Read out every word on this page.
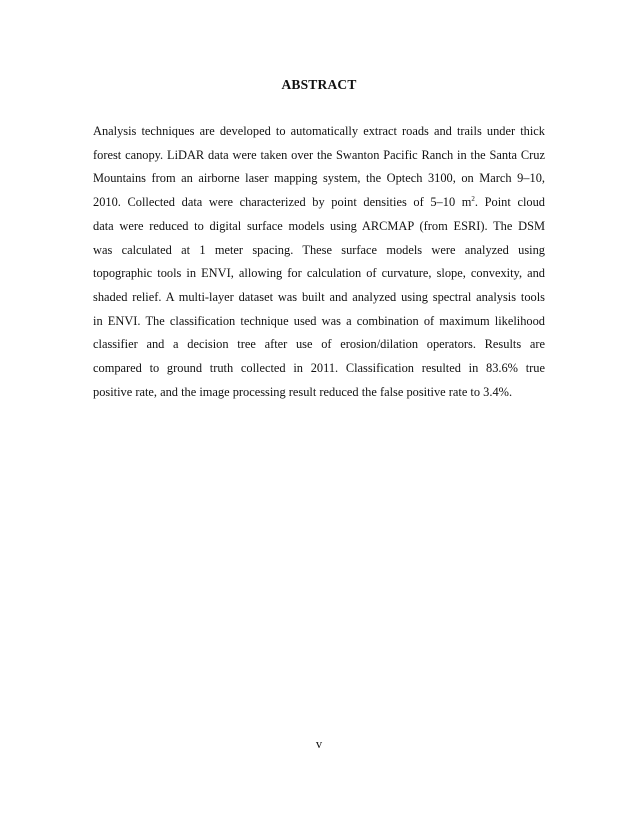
ABSTRACT
Analysis techniques are developed to automatically extract roads and trails under thick
forest canopy. LiDAR data were taken over the Swanton Pacific Ranch in the Santa Cruz
Mountains from an airborne laser mapping system, the Optech 3100, on March 9–10,
2010. Collected data were characterized by point densities of 5–10 $m^2$. Point cloud
data were reduced to digital surface models using ARCMAP (from ESRI). The DSM
was calculated at 1 meter spacing. These surface models were analyzed using
topographic tools in ENVI, allowing for calculation of curvature, slope, convexity, and
shaded relief. A multi-layer dataset was built and analyzed using spectral analysis tools
in ENVI. The classification technique used was a combination of maximum likelihood
classifier and a decision tree after use of erosion/dilation operators. Results are
compared to ground truth collected in 2011. Classification resulted in 83.6% true
positive rate, and the image processing result reduced the false positive rate to 3.4%.
v
